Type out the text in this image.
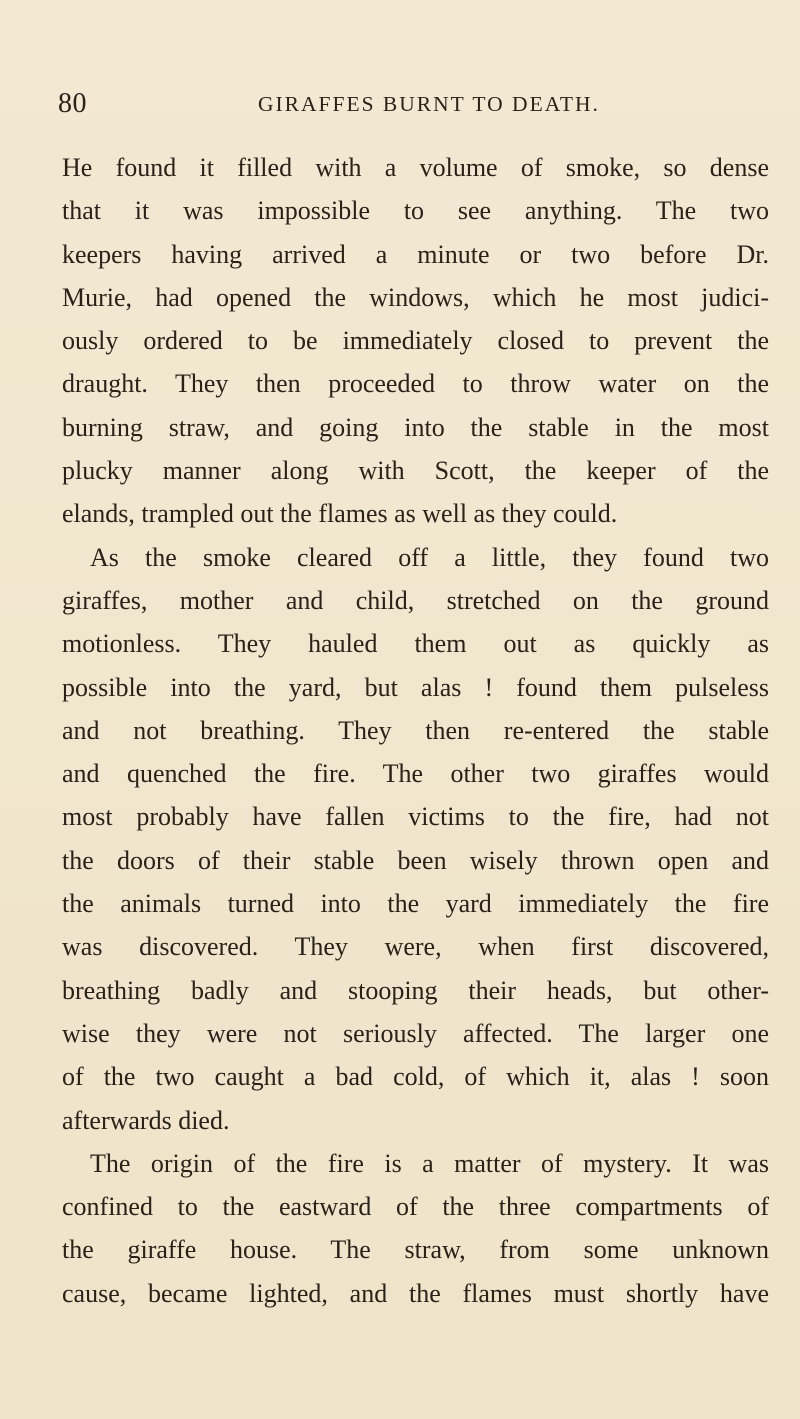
80	GIRAFFES BURNT TO DEATH.
He found it filled with a volume of smoke, so dense
that it was impossible to see anything. The two
keepers having arrived a minute or two before Dr.
Murie, had opened the windows, which he most judici-
ously ordered to be immediately closed to prevent the
draught. They then proceeded to throw water on the
burning straw, and going into the stable in the most
plucky manner along with Scott, the keeper of the
elands, trampled out the flames as well as they could.
As the smoke cleared off a little, they found two
giraffes, mother and child, stretched on the ground
motionless. They hauled them out as quickly as
possible into the yard, but alas ! found them pulseless
and not breathing. They then re-entered the stable
and quenched the fire. The other two giraffes would
most probably have fallen victims to the fire, had not
the doors of their stable been wisely thrown open and
the animals turned into the yard immediately the fire
was discovered. They were, when first discovered,
breathing badly and stooping their heads, but other-
wise they were not seriously affected. The larger one
of the two caught a bad cold, of which it, alas ! soon
afterwards died.
The origin of the fire is a matter of mystery. It was
confined to the eastward of the three compartments of
the giraffe house. The straw, from some unknown
cause, became lighted, and the flames must shortly have
